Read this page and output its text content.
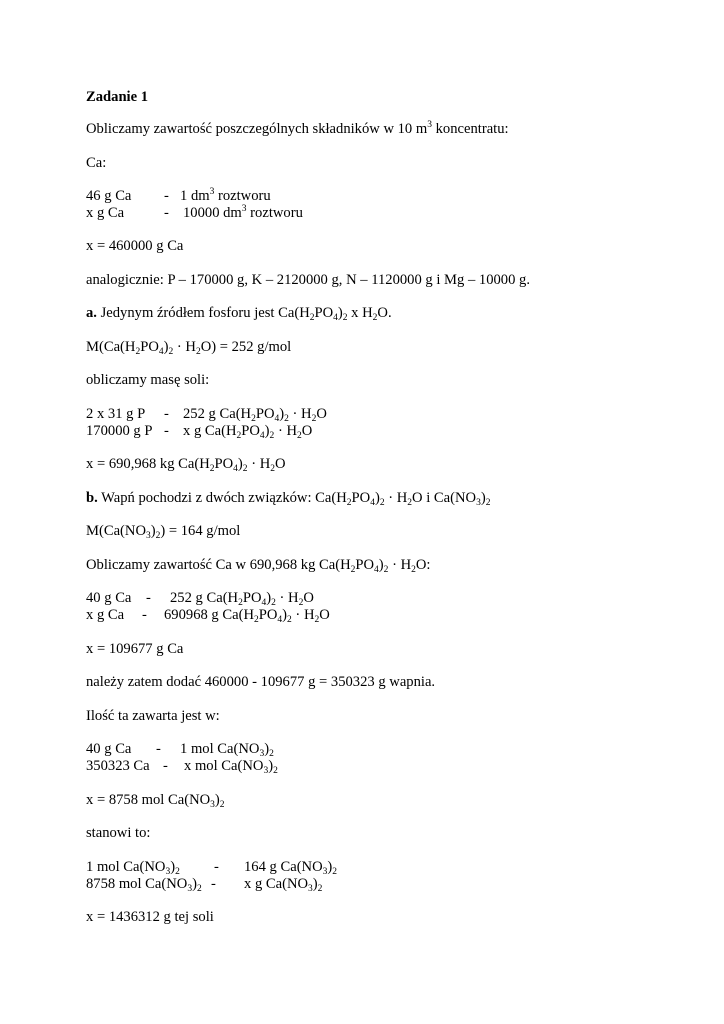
Zadanie 1
Obliczamy zawartość poszczególnych składników w 10 $m^3$ koncentratu:
Ca:
46 g Ca - 1 $dm^3$ roztworu
x g Ca	- 10000 $dm^3$ roztworu
x = 460000 g Ca
analogicznie: P – 170000 g, K – 2120000 g, N – 1120000 g i Mg – 10000 g.
a. Jedynym źródłem fosforu jest $Ca(H_2PO_4)_2$ x $H_2O$.
$M(Ca(H_2PO_4)_2 \cdot H_2O) = 252$ g/mol
obliczamy masę soli:
2 x 31 g P - 252 g $Ca(H_2PO_4)_2 \cdot H_2O$
170000 g P - x g $Ca(H_2PO_4)_2 \cdot H_2O$
x = 690,968 kg $Ca(H_2PO_4)_2 \cdot H_2O$
b. Wapń pochodzi z dwóch związków: $Ca(H_2PO_4)_2 \cdot H_2O$ i $Ca(NO_3)_2$
$M(Ca(NO_3)_2) = 164$ g/mol
Obliczamy zawartość Ca w 690,968 kg $Ca(H_2PO_4)_2 \cdot H_2O$:
40 g Ca - 252 g $Ca(H_2PO_4)_2 \cdot H_2O$
x g Ca - 690968 g $Ca(H_2PO_4)_2 \cdot H_2O$
x = 109677 g Ca
należy zatem dodać 460000 - 109677 g = 350323 g wapnia.
Ilość ta zawarta jest w:
40 g Ca - 1 mol $Ca(NO_3)_2$
350323 Ca - x mol $Ca(NO_3)_2$
x = 8758 mol $Ca(NO_3)_2$
stanowi to:
1 mol $Ca(NO_3)_2 - 164$ g $Ca(NO_3)_2$
8758 mol $Ca(NO_3)_2$ - x g $Ca(NO_3)_2$
x = 1436312 g tej soli
